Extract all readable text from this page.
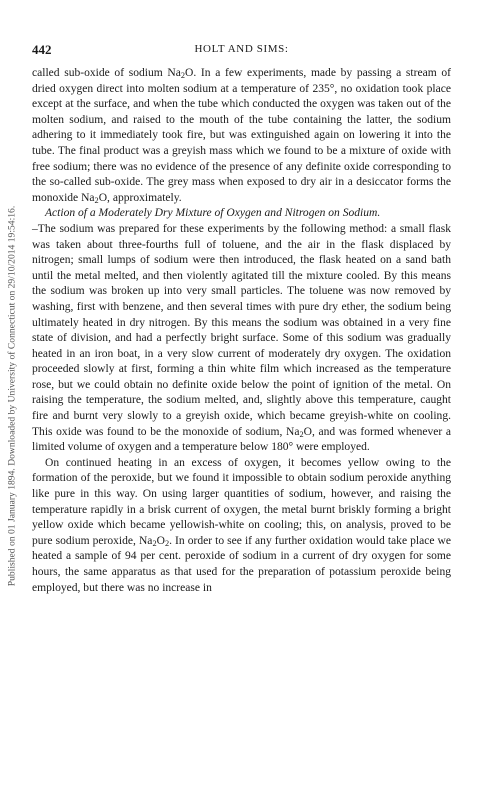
Published on 01 January 1894. Downloaded by University of Connecticut on 29/10/2014 19:54:16.
442	HOLT AND SIMS:

called sub-oxide of sodium $Na_2O$. In a few experiments, made by passing a stream of dried oxygen direct into molten sodium at a temperature of 235°, no oxidation took place except at the surface, and when the tube which conducted the oxygen was taken out of the molten sodium, and raised to the mouth of the tube containing the latter, the sodium adhering to it immediately took fire, but was extinguished again on lowering it into the tube. The final product was a greyish mass which we found to be a mixture of oxide with free sodium; there was no evidence of the presence of any definite oxide corresponding to the so-called sub-oxide. The grey mass when exposed to dry air in a desiccator forms the monoxide $Na_2O$, approximately.

Action of a Moderately Dry Mixture of Oxygen and Nitrogen on Sodium.
–The sodium was prepared for these experiments by the following method: a small flask was taken about three-fourths full of toluene, and the air in the flask displaced by nitrogen; small lumps of sodium were then introduced, the flask heated on a sand bath until the metal melted, and then violently agitated till the mixture cooled. By this means the sodium was broken up into very small particles. The toluene was now removed by washing, first with benzene, and then several times with pure dry ether, the sodium being ultimately heated in dry nitrogen. By this means the sodium was obtained in a very fine state of division, and had a perfectly bright surface. Some of this sodium was gradually heated in an iron boat, in a very slow current of moderately dry oxygen. The oxidation proceeded slowly at first, forming a thin white film which increased as the temperature rose, but we could obtain no definite oxide below the point of ignition of the metal. On raising the temperature, the sodium melted, and, slightly above this temperature, caught fire and burnt very slowly to a greyish oxide, which became greyish-white on cooling. This oxide was found to be the monoxide of sodium, $Na_2O$, and was formed whenever a limited volume of oxygen and a temperature below 180° were employed.

On continued heating in an excess of oxygen, it becomes yellow owing to the formation of the peroxide, but we found it impossible to obtain sodium peroxide anything like pure in this way. On using larger quantities of sodium, however, and raising the temperature rapidly in a brisk current of oxygen, the metal burnt briskly forming a bright yellow oxide which became yellowish-white on cooling; this, on analysis, proved to be pure sodium peroxide, $Na_2O_2$. In order to see if any further oxidation would take place we heated a sample of 94 per cent. peroxide of sodium in a current of dry oxygen for some hours, the same apparatus as that used for the preparation of potassium peroxide being employed, but there was no increase in
